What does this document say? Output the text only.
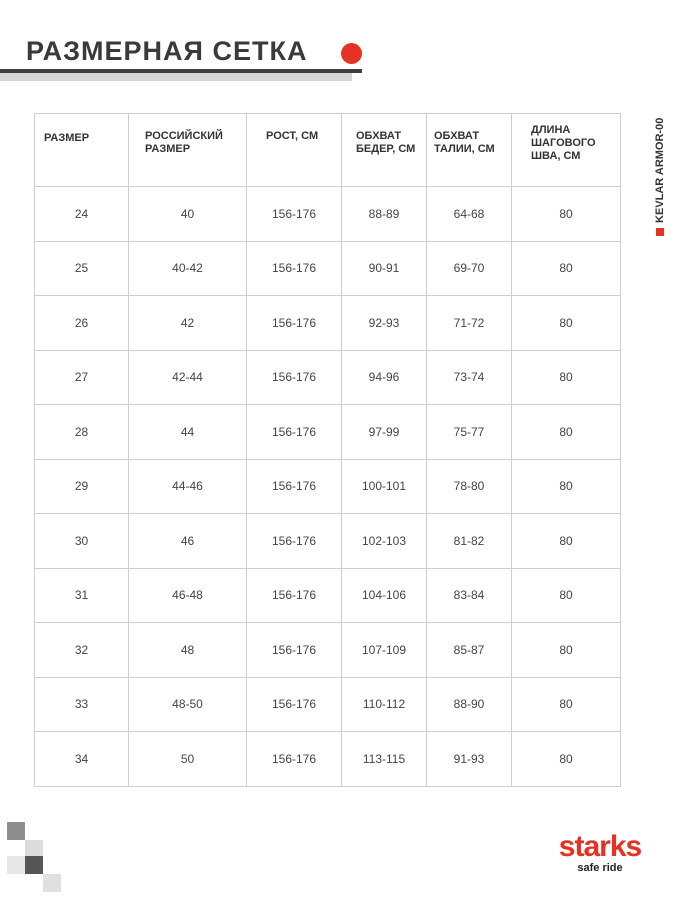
РАЗМЕРНАЯ СЕТКА
РАЗМЕР	РОССИЙСКИЙ РАЗМЕР	РОСТ, СМ	ОБХВАТ БЕДЕР, СМ	ОБХВАТ ТАЛИИ, СМ	ДЛИНА ШАГОВОГО ШВА, СМ
24	40	156-176	88-89	64-68	80
25	40-42	156-176	90-91	69-70	80
26	42	156-176	92-93	71-72	80
27	42-44	156-176	94-96	73-74	80
28	44	156-176	97-99	75-77	80
29	44-46	156-176	100-101	78-80	80
30	46	156-176	102-103	81-82	80
31	46-48	156-176	104-106	83-84	80
32	48	156-176	107-109	85-87	80
33	48-50	156-176	110-112	88-90	80
34	50	156-176	113-115	91-93	80
KEVLAR ARMOR-00
starks
safe ride
